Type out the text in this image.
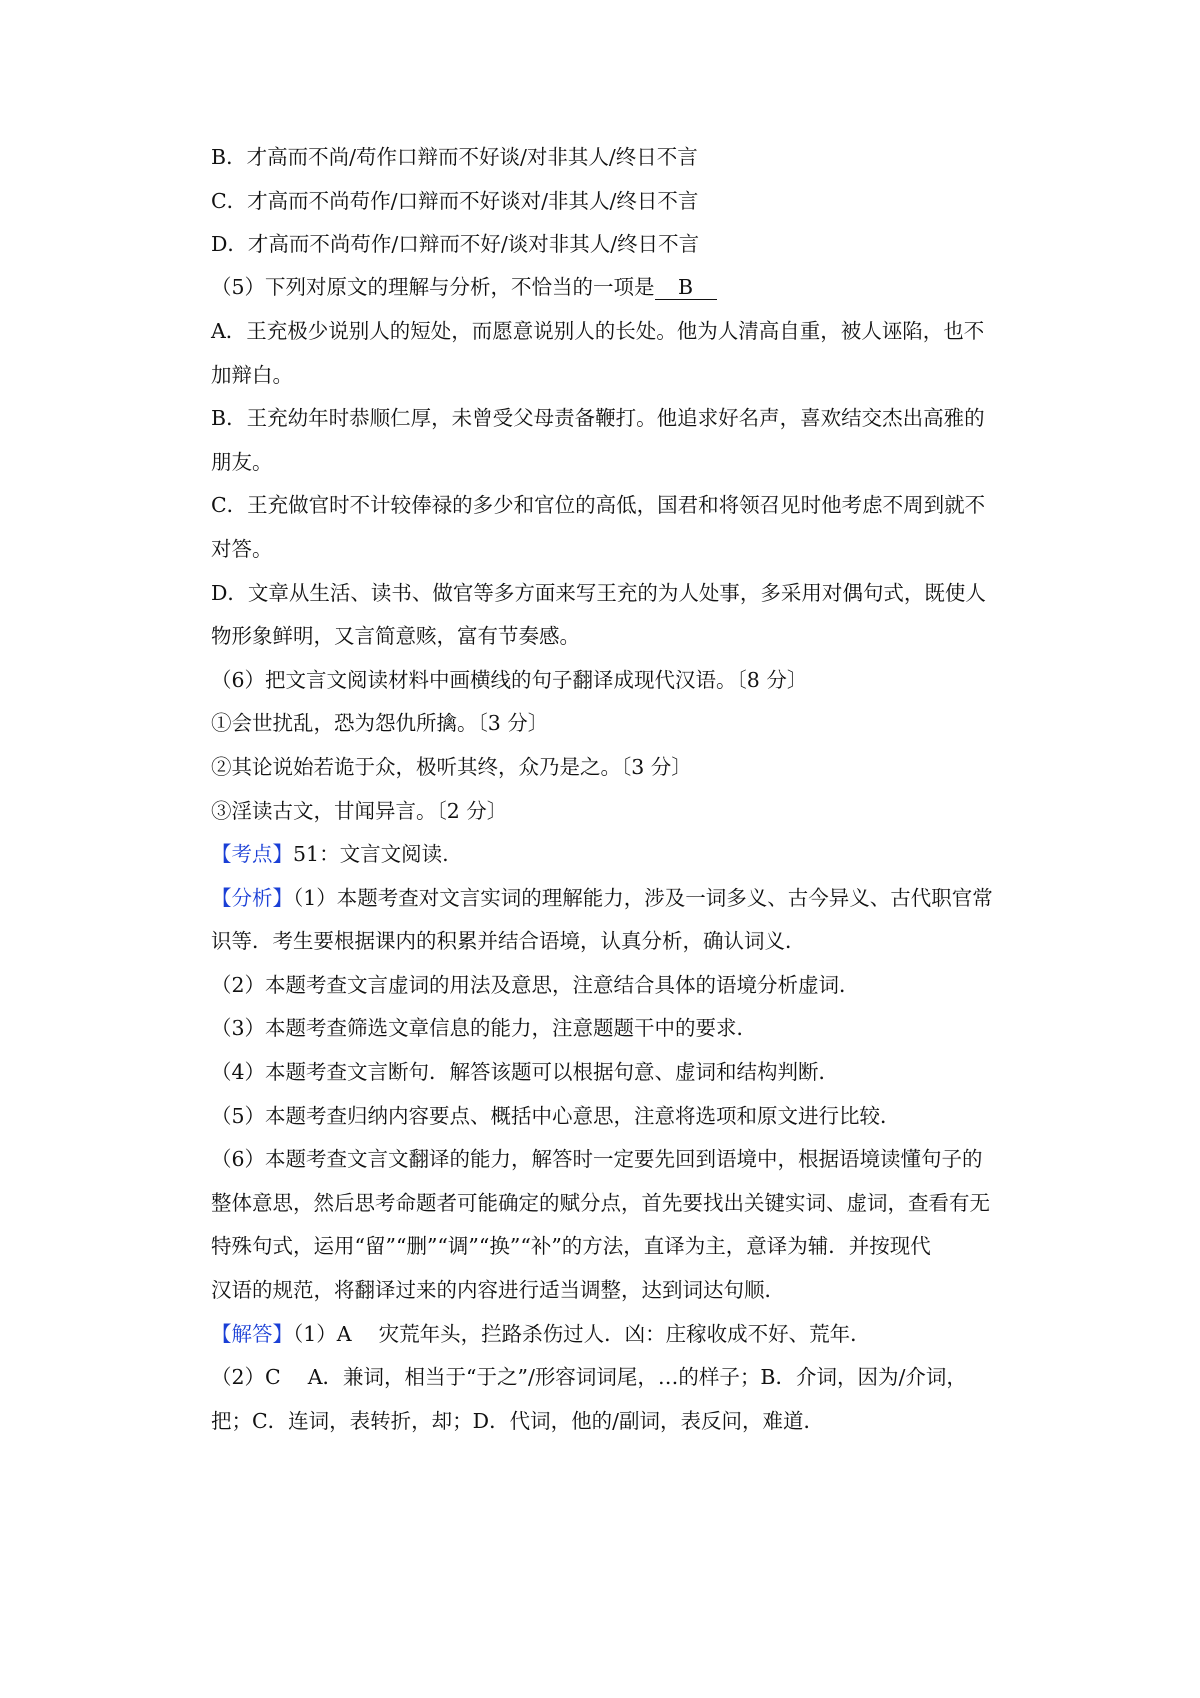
B．才高而不尚/苟作口辩而不好谈/对非其人/终日不言
C．才高而不尚苟作/口辩而不好谈对/非其人/终日不言
D．才高而不尚苟作/口辩而不好/谈对非其人/终日不言
（5）下列对原文的理解与分析，不恰当的一项是 B
A．王充极少说别人的短处，而愿意说别人的长处。他为人清高自重，被人诬陷，也不
加辩白。
B．王充幼年时恭顺仁厚，未曾受父母责备鞭打。他追求好名声，喜欢结交杰出高雅的
朋友。
C．王充做官时不计较俸禄的多少和官位的高低，国君和将领召见时他考虑不周到就不
对答。
D．文章从生活、读书、做官等多方面来写王充的为人处事，多采用对偶句式，既使人
物形象鲜明，又言简意赅，富有节奏感。
（6）把文言文阅读材料中画横线的句子翻译成现代汉语。〔8 分〕
①会世扰乱，恐为怨仇所擒。〔3 分〕
②其论说始若诡于众，极听其终，众乃是之。〔3 分〕
③淫读古文，甘闻异言。〔2 分〕
【考点】51：文言文阅读.
【分析】（1）本题考查对文言实词的理解能力，涉及一词多义、古今异义、古代职官常
识等．考生要根据课内的积累并结合语境，认真分析，确认词义．
（2）本题考查文言虚词的用法及意思，注意结合具体的语境分析虚词．
（3）本题考查筛选文章信息的能力，注意题题干中的要求．
（4）本题考查文言断句．解答该题可以根据句意、虚词和结构判断．
（5）本题考查归纳内容要点、概括中心意思，注意将选项和原文进行比较．
（6）本题考查文言文翻译的能力，解答时一定要先回到语境中，根据语境读懂句子的
整体意思，然后思考命题者可能确定的赋分点，首先要找出关键实词、虚词，查看有无
特殊句式，运用“留”“删”“调”“换”“补”的方法，直译为主，意译为辅．并按现代
汉语的规范，将翻译过来的内容进行适当调整，达到词达句顺．
【解答】（1）A　 灾荒年头，拦路杀伤过人．凶：庄稼收成不好、荒年．
（2）C　 A．兼词，相当于“于之”/形容词词尾，…的样子；B．介词，因为/介词，
把；C．连词，表转折，却；D．代词，他的/副词，表反问，难道．
